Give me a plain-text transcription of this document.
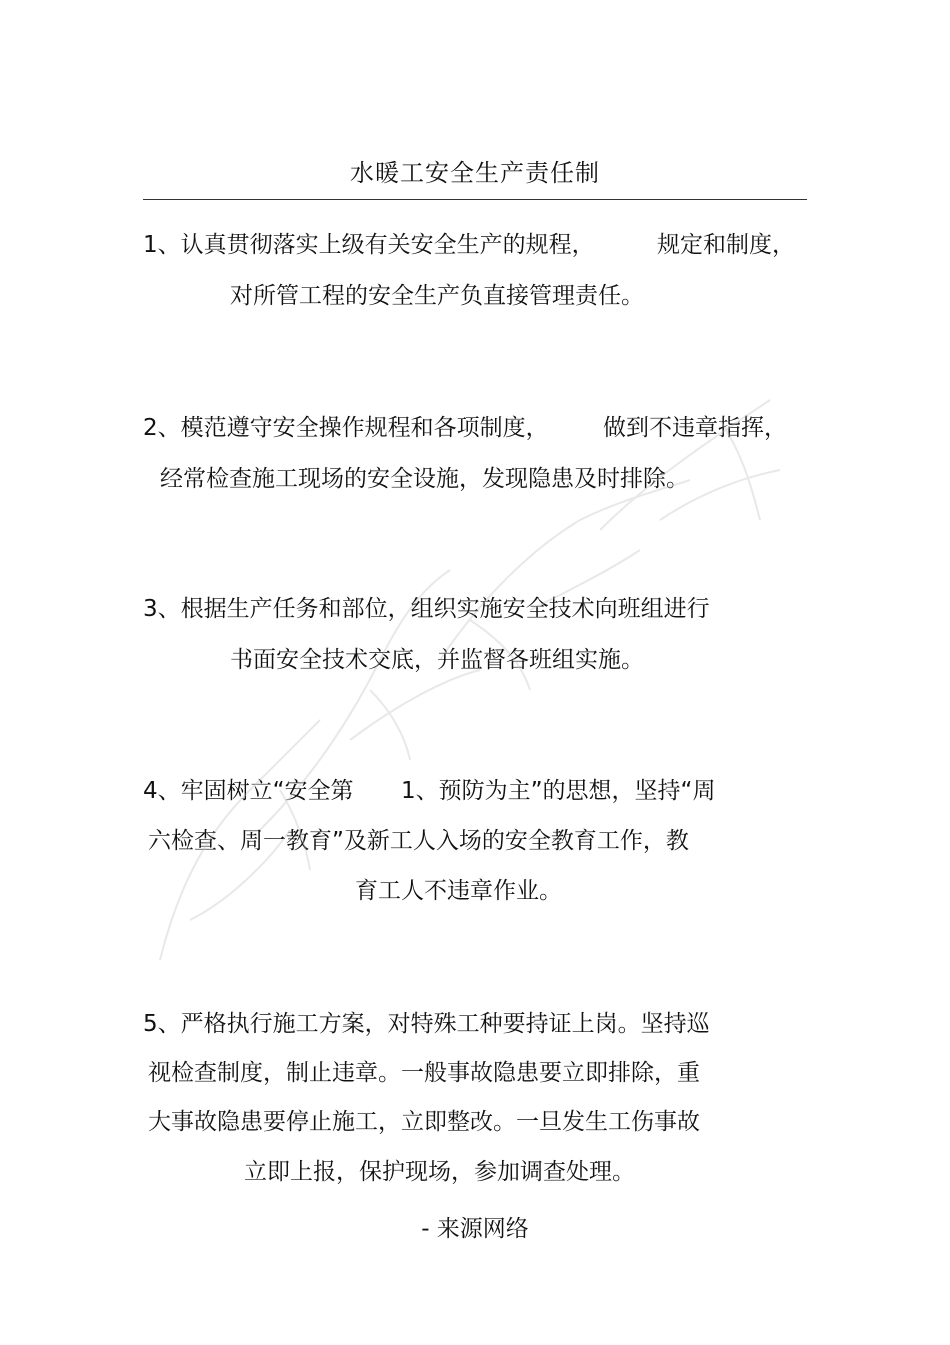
水暖工安全生产责任制
1、认真贯彻落实上级有关安全生产的规程，	规定和制度，
对所管工程的安全生产负直接管理责任。
2、模范遵守安全操作规程和各项制度， 做到不违章指挥，
经常检查施工现场的安全设施，发现隐患及时排除。
3、根据生产任务和部位，组织实施安全技术向班组进行
书面安全技术交底，并监督各班组实施。
4、牢固树立“安全第 1、预防为主”的思想，坚持“周
六检查、周一教育”及新工人入场的安全教育工作，教
育工人不违章作业。
5、严格执行施工方案，对特殊工种要持证上岗。坚持巡
视检查制度，制止违章。一般事故隐患要立即排除，重
大事故隐患要停止施工，立即整改。一旦发生工伤事故
立即上报，保护现场，参加调查处理。
- 来源网络
